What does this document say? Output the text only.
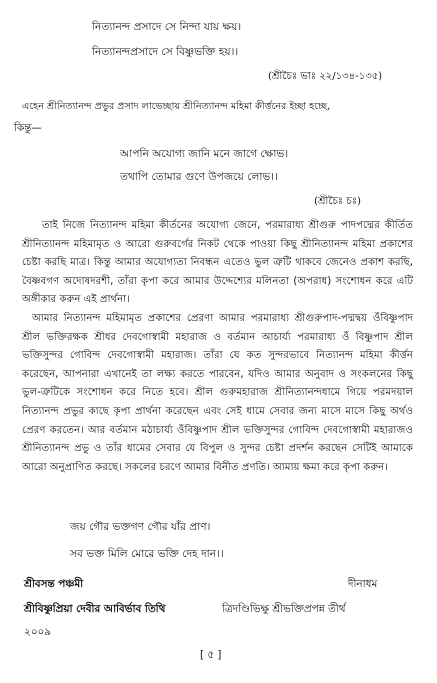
নিত্যানন্দ প্রসাদে সে নিন্দা যায় ক্ষয়।
নিত্যানন্দপ্রসাদে সে বিষ্ণুভক্তি হয়।।
(শ্রীচৈঃ ভাঃ ২২/১৩৪-১৩৫)
এহেন শ্রীনিত্যানন্দ প্রভুর প্রসাদ লাভেচ্ছায় শ্রীনিত্যানন্দ মহিমা কীর্ত্তনের ইচ্ছা হচ্ছে,
কিন্তু—
আপনি অযোগ্য জানি মনে জাগে ক্ষোভ।
তথাপি তোমার গুণে উপজয়ে লোভ।।
(শ্রীচৈঃ চঃ)

তাই নিজে নিত্যানন্দ মহিমা কীর্তনের অযোগ্য জেনে, পরমারাধ্য শ্রীগুরু পাদপদ্মের কীর্তিত শ্রীনিত্যানন্দ মহিমামৃত ও আরো গুরুবর্গের নিকট থেকে পাওয়া কিছু শ্রীনিত্যানন্দ মহিমা প্রকাশের চেষ্টা করছি মাত্র। কিন্তু আমার অযোগ্যতা নিবন্ধন এতেও ভুল ত্রুটি থাকবে জেনেও প্রকাশ করছি, বৈষ্ণবগণ অদোষদরশী, তাঁরা কৃপা করে আমার উদ্দেশ্যের মলিনতা (অপরাধ) সংশোধন করে এটি অঙ্গীকার করুন এই প্রার্থনা।

আমার নিত্যানন্দ মহিমামৃত প্রকাশের প্রেরণা আমার পরমারাধ্য শ্রীগুরুপাদ-পদ্মদ্বয় ওঁবিষ্ণুপাদ শ্রীল ভক্তিরক্ষক শ্রীধর দেবগোস্বামী মহারাজ ও বর্তমান আচার্য্য পরমারাধ্য ওঁ বিষ্ণুপাদ শ্রীল ভক্তিসুন্দর গোবিন্দ দেবগোস্বামী মহারাজ। তাঁরা যে কত সুন্দরভাবে নিত্যানন্দ মহিমা কীর্ত্তন করেছেন, আপনারা এখানেই তা লক্ষ্য করতে পারবেন, যদিও আমার অনুবাদ ও সংকলনের কিছু ভুল-ত্রুটিকে সংশোধন করে নিতে হবে। শ্রীল গুরুমহারাজ শ্রীনিত্যানন্দধামে গিয়ে পরমদয়াল নিত্যানন্দ প্রভুর কাছে কৃপা প্রার্থনা করেছেন এবং সেই ধামে সেবার জন্য মাসে মাসে কিছু অর্থও প্রেরণ করতেন। আর বর্তমান মঠাচার্য্য ওঁবিষ্ণুপাদ শ্রীল ভক্তিসুন্দর গোবিন্দ দেবগোস্বামী মহারাজও শ্রীনিত্যানন্দ প্রভু ও তাঁর ধামের সেবার যে বিপুল ও সুন্দর চেষ্টা প্রদর্শন করছেন সেটিই আমাকে আরো অনুপ্রাণিত করছে। সকলের চরণে আমার বিনীত প্রণতি। আমায় ক্ষমা করে কৃপা করুন।

জয় গৌর ভক্তগণ গৌর যাঁর প্রাণ।
সব ভক্ত মিলি মোরে ভক্তি দেহ দান।।
দীনাধম
ত্রিদণ্ডিভিক্ষু শ্রীভক্তিপ্রপন্ন তীর্থ
শ্রীবসন্ত পঞ্চমী
শ্রীবিষ্ণুপ্রিয়া দেবীর আবির্ভাব তিথি
২০০৯
[ ৫ ]
